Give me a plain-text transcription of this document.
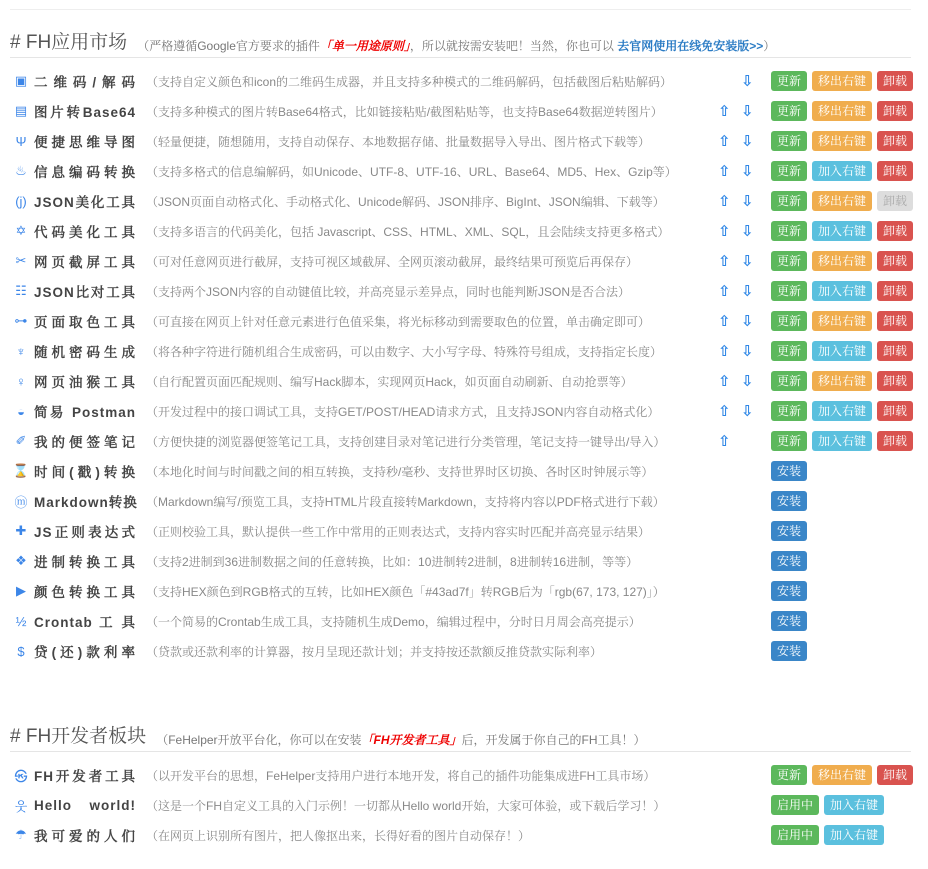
# FH应用市场 （严格遵循Google官方要求的插件「单一用途原则」，所以就按需安装吧！当然，你也可以 去官网使用在线免安装版>>）
▣ 二维码/解码 （支持自定义颜色和icon的二维码生成器，并且支持多种模式的二维码解码，包括截图后粘贴解码）	⇩	更新	移出右键	卸载
▤ 图片转Base64 （支持多种模式的图片转Base64格式，比如链接粘贴/截图粘贴等，也支持Base64数据逆转图片）	⇧ ⇩	更新	移出右键	卸载
Ψ 便捷思维导图 （轻量便捷，随想随用，支持自动保存、本地数据存储、批量数据导入导出、图片格式下载等）	⇧ ⇩	更新	移出右键	卸载
♨ 信息编码转换 （支持多格式的信息编解码，如Unicode、UTF-8、UTF-16、URL、Base64、MD5、Hex、Gzip等）	⇧ ⇩	更新	加入右键	卸载
(j) JSON美化工具 （JSON页面自动格式化、手动格式化、Unicode解码、JSON排序、BigInt、JSON编辑、下载等）	⇧ ⇩	更新	移出右键	卸载
✡ 代码美化工具 （支持多语言的代码美化，包括 Javascript、CSS、HTML、XML、SQL，且会陆续支持更多格式）	⇧ ⇩	更新	加入右键	卸载
✂ 网页截屏工具 （可对任意网页进行截屏，支持可视区域截屏、全网页滚动截屏，最终结果可预览后再保存）	⇧ ⇩	更新	移出右键	卸载
☷ JSON比对工具 （支持两个JSON内容的自动键值比较，并高亮显示差异点，同时也能判断JSON是否合法）	⇧ ⇩	更新	加入右键	卸载
⊶ 页面取色工具 （可直接在网页上针对任意元素进行色值采集，将光标移动到需要取色的位置，单击确定即可）	⇧ ⇩	更新	移出右键	卸载
♆ 随机密码生成 （将各种字符进行随机组合生成密码，可以由数字、大小写字母、特殊符号组成，支持指定长度）	⇧ ⇩	更新	加入右键	卸载
♀ 网页油猴工具 （自行配置页面匹配规则、编写Hack脚本，实现网页Hack，如页面自动刷新、自动抢票等）	⇧ ⇩	更新	移出右键	卸载
◒ 简易 Postman （开发过程中的接口调试工具，支持GET/POST/HEAD请求方式，且支持JSON内容自动格式化）	⇧ ⇩	更新	加入右键	卸载
✐ 我的便签笔记 （方便快捷的浏览器便签笔记工具，支持创建目录对笔记进行分类管理，笔记支持一键导出/导入）	⇧	更新	加入右键	卸载
⌛ 时间(戳)转换 （本地化时间与时间戳之间的相互转换，支持秒/毫秒、支持世界时区切换、各时区时钟展示等）	安装
ⓜ Markdown转换 （Markdown编写/预览工具，支持HTML片段直接转Markdown，支持将内容以PDF格式进行下载）	安装
✚ JS正则表达式 （正则校验工具，默认提供一些工作中常用的正则表达式，支持内容实时匹配并高亮显示结果）	安装
❖ 进制转换工具 （支持2进制到36进制数据之间的任意转换，比如：10进制转2进制，8进制转16进制，等等）	安装
▶ 颜色转换工具 （支持HEX颜色到RGB格式的互转，比如HEX颜色「#43ad7f」转RGB后为「rgb(67, 173, 127)」）	安装
½ Crontab 工 具 （一个简易的Crontab生成工具，支持随机生成Demo，编辑过程中，分时日月周会高亮提示）	安装
$ 贷(还)款利率 （贷款或还款利率的计算器，按月呈现还款计划；并支持按还款额反推贷款实际利率）	安装
# FH开发者板块 （FeHelper开放平台化，你可以在安装「FH开发者工具」后，开发属于你自己的FH工具！）
㉿ FH开发者工具 （以开发平台的思想，FeHelper支持用户进行本地开发，将自己的插件功能集成进FH工具市场）	更新	移出右键	卸载
웃 Hello world! （这是一个FH自定义工具的入门示例！一切都从Hello world开始，大家可体验，或下载后学习！）	启用中	加入右键
☂ 我可爱的人们 （在网页上识别所有图片，把人像抠出来，长得好看的图片自动保存！）	启用中	加入右键
